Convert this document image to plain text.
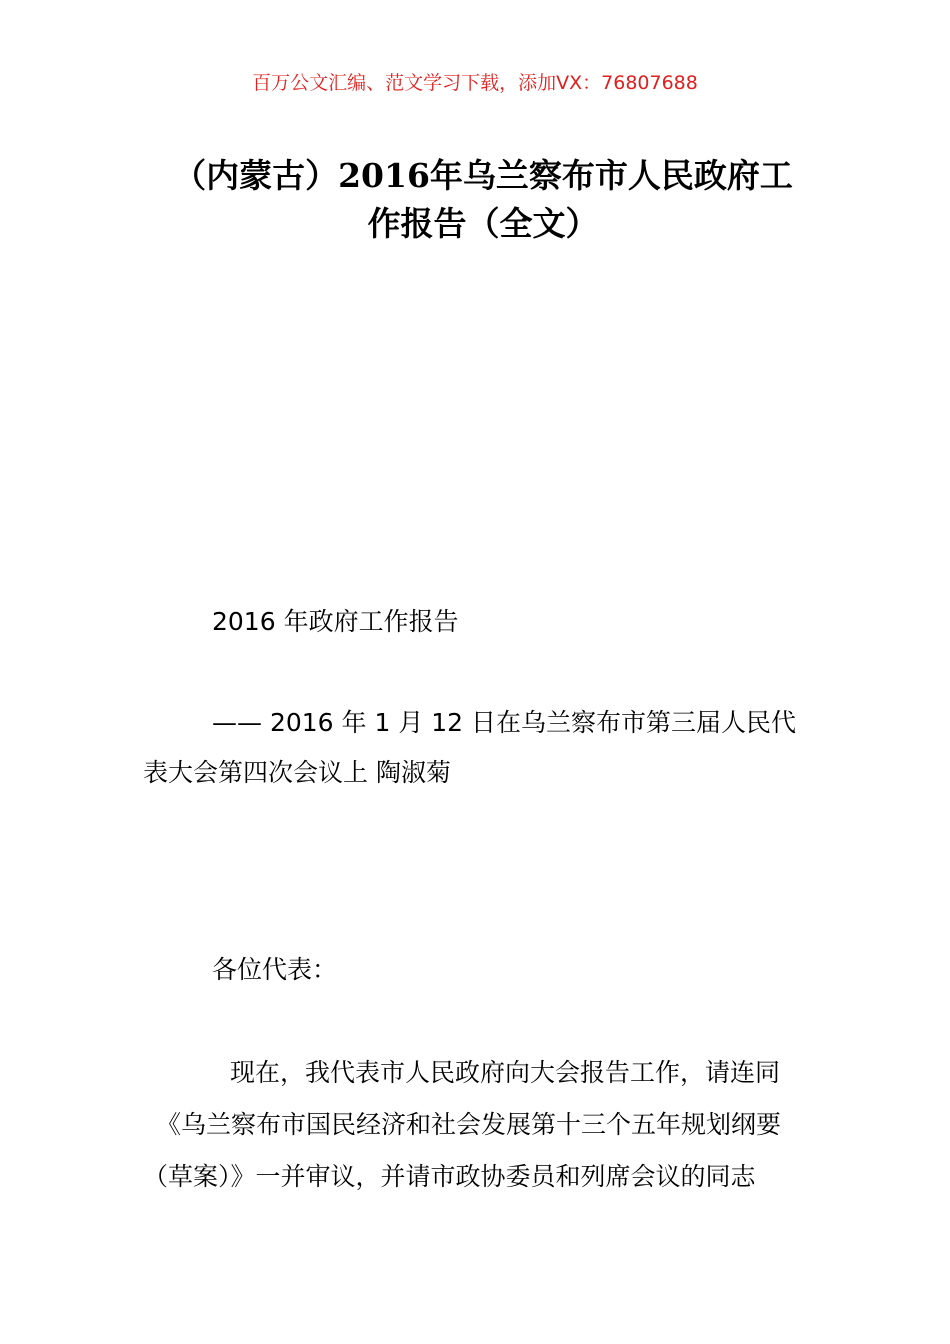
百万公文汇编、范文学习下载，添加VX：76807688
（内蒙古）2016年乌兰察布市人民政府工
作报告（全文）
2016 年政府工作报告
—— 2016 年 1 月 12 日在乌兰察布市第三届人民代
表大会第四次会议上 陶淑菊
各位代表：
现在，我代表市人民政府向大会报告工作，请连同
《乌兰察布市国民经济和社会发展第十三个五年规划纲要
（草案）》一并审议，并请市政协委员和列席会议的同志
